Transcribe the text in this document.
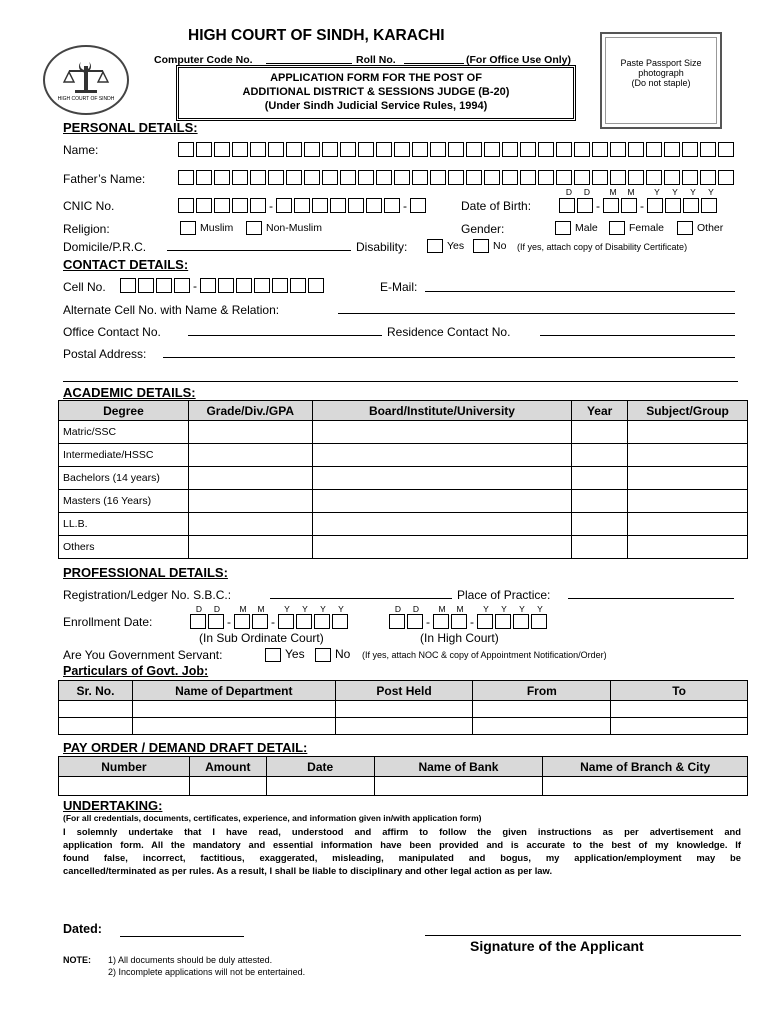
HIGH COURT OF SINDH
HIGH COURT OF SINDH, KARACHI
Computer Code No.	Roll No.	(For Office Use Only)
APPLICATION FORM FOR THE POST OF
ADDITIONAL DISTRICT & SESSIONS JUDGE (B-20)
(Under Sindh Judicial Service Rules, 1994)
Paste Passport Size
photograph
(Do not staple)
PERSONAL DETAILS:
Name:
Father’s Name:
D	D	M	M	Y	Y	Y	Y
CNIC No.	-	-	Date of Birth:	-	-
Religion:	Muslim	Non-Muslim	Gender:	Male	Female	Other
Domicile/P.R.C.	Disability:	Yes	No (If yes, attach copy of Disability Certificate)
CONTACT DETAILS:
Cell No.	-	E-Mail:
Alternate Cell No. with Name & Relation:
Office Contact No.	Residence Contact No.
Postal Address:
ACADEMIC DETAILS:
Degree	Grade/Div./GPA	Board/Institute/University	Year	Subject/Group
Matric/SSC				
Intermediate/HSSC				
Bachelors (14 years)				
Masters (16 Years)				
LL.B.				
Others				
PROFESSIONAL DETAILS:
Registration/Ledger No. S.B.C.:	Place of Practice:
D	D	M	M	Y	Y	Y	Y	D	D	M	M	Y	Y	Y	Y
Enrollment Date:	-	-	-	-
(In Sub Ordinate Court)	(In High Court)
Are You Government Servant:	Yes	No (If yes, attach NOC & copy of Appointment Notification/Order)
Particulars of Govt. Job:
Sr. No.	Name of Department	Post Held	From	To

PAY ORDER / DEMAND DRAFT DETAIL:
Number	Amount	Date	Name of Bank	Name of Branch & City

UNDERTAKING:
(For all credentials, documents, certificates, experience, and information given in/with application form)
I solemnly undertake that I have read, understood and affirm to follow the given instructions as per advertisement and
application form. All the mandatory and essential information have been provided and is accurate to the best of my knowledge. If
found false, incorrect, factitious, exaggerated, misleading, manipulated and bogus, my application/employment may be
cancelled/terminated as per rules. As a result, I shall be liable to disciplinary and other legal action as per law.
Dated:
Signature of the Applicant
NOTE: 1) All documents should be duly attested.
2) Incomplete applications will not be entertained.
